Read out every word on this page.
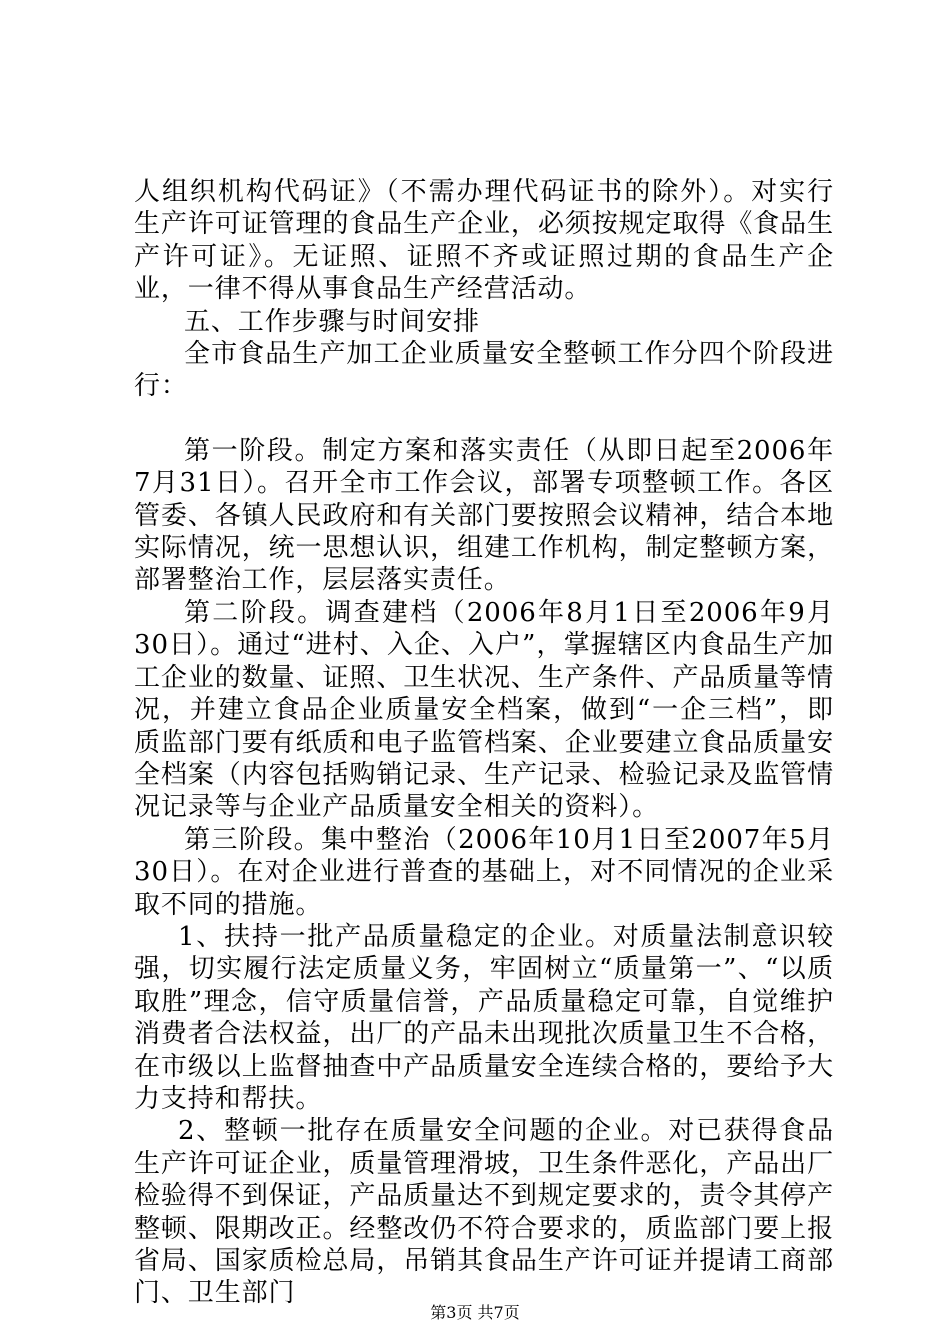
人组织机构代码证》（不需办理代码证书的除外）。对实行生产许可证管理的食品生产企业，必须按规定取得《食品生产许可证》。无证照、证照不齐或证照过期的食品生产企业，一律不得从事食品生产经营活动。

五、工作步骤与时间安排

全市食品生产加工企业质量安全整顿工作分四个阶段进行：

第一阶段。制定方案和落实责任（从即日起至2006年7月31日）。召开全市工作会议，部署专项整顿工作。各区管委、各镇人民政府和有关部门要按照会议精神，结合本地实际情况，统一思想认识，组建工作机构，制定整顿方案，部署整治工作，层层落实责任。

第二阶段。调查建档（2006年8月1日至2006年9月30日）。通过“进村、入企、入户”，掌握辖区内食品生产加工企业的数量、证照、卫生状况、生产条件、产品质量等情况，并建立食品企业质量安全档案，做到“一企三档”，即质监部门要有纸质和电子监管档案、企业要建立食品质量安全档案（内容包括购销记录、生产记录、检验记录及监管情况记录等与企业产品质量安全相关的资料）。

第三阶段。集中整治（2006年10月1日至2007年5月30日）。在对企业进行普查的基础上，对不同情况的企业采取不同的措施。

1、扶持一批产品质量稳定的企业。对质量法制意识较强，切实履行法定质量义务，牢固树立“质量第一”、“以质取胜”理念，信守质量信誉，产品质量稳定可靠，自觉维护消费者合法权益，出厂的产品未出现批次质量卫生不合格，在市级以上监督抽查中产品质量安全连续合格的，要给予大力支持和帮扶。

2、整顿一批存在质量安全问题的企业。对已获得食品生产许可证企业，质量管理滑坡，卫生条件恶化，产品出厂检验得不到保证，产品质量达不到规定要求的，责令其停产整顿、限期改正。经整改仍不符合要求的，质监部门要上报省局、国家质检总局，吊销其食品生产许可证并提请工商部门、卫生部门

第3页 共7页
